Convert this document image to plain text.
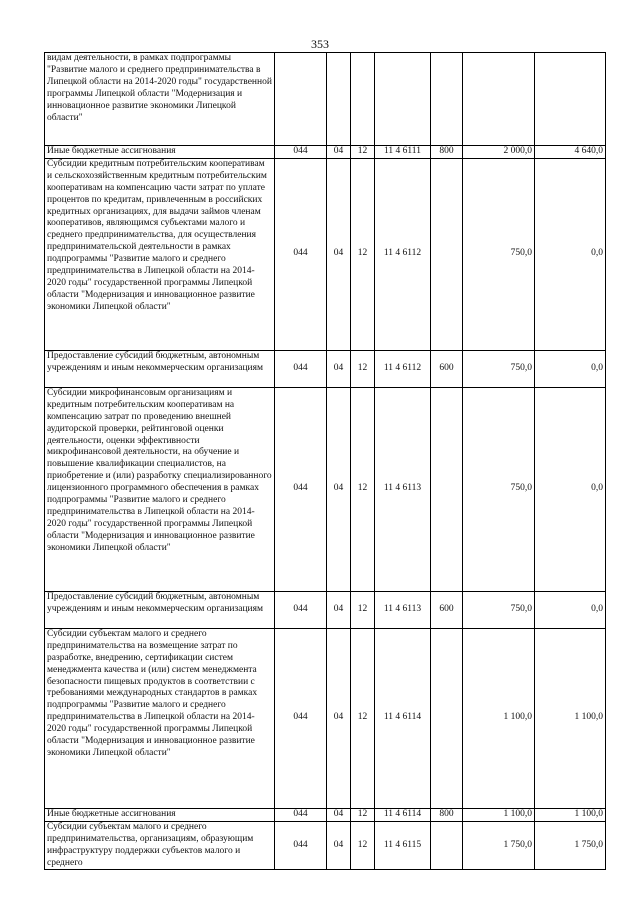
353
видам деятельности, в рамках подпрограммы "Развитие малого и среднего предпринимательства в Липецкой области на 2014-2020 годы" государственной программы Липецкой области "Модернизация и инновационное развитие экономики Липецкой области"							
Иные бюджетные ассигнования	044	04	12	11 4 6111	800	2 000,0	4 640,0
Субсидии кредитным потребительским кооперативам и сельскохозяйственным кредитным потребительским кооперативам на компенсацию части затрат по уплате процентов по кредитам, привлеченным в российских кредитных организациях, для выдачи займов членам кооперативов, являющимся субъектами малого и среднего предпринимательства, для осуществления предпринимательской деятельности в рамках подпрограммы "Развитие малого и среднего предпринимательства в Липецкой области на 2014-2020 годы" государственной программы Липецкой области "Модернизация и инновационное развитие экономики Липецкой области"	044	04	12	11 4 6112		750,0	0,0
Предоставление субсидий бюджетным, автономным учреждениям и иным некоммерческим организациям	044	04	12	11 4 6112	600	750,0	0,0
Субсидии микрофинансовым организациям и кредитным потребительским кооперативам на компенсацию затрат по проведению внешней аудиторской проверки, рейтинговой оценки деятельности, оценки эффективности микрофинансовой деятельности, на обучение и повышение квалификации специалистов, на приобретение и (или) разработку специализированного лицензионного программного обеспечения в рамках подпрограммы "Развитие малого и среднего предпринимательства в Липецкой области на 2014-2020 годы" государственной программы Липецкой области "Модернизация и инновационное развитие экономики Липецкой области"	044	04	12	11 4 6113		750,0	0,0
Предоставление субсидий бюджетным, автономным учреждениям и иным некоммерческим организациям	044	04	12	11 4 6113	600	750,0	0,0
Субсидии субъектам малого и среднего предпринимательства на возмещение затрат по разработке, внедрению, сертификации систем менеджмента качества и (или) систем менеджмента безопасности пищевых продуктов в соответствии с требованиями международных стандартов в рамках подпрограммы "Развитие малого и среднего предпринимательства в Липецкой области на 2014-2020 годы" государственной программы Липецкой области "Модернизация и инновационное развитие экономики Липецкой области"	044	04	12	11 4 6114		1 100,0	1 100,0
Иные бюджетные ассигнования	044	04	12	11 4 6114	800	1 100,0	1 100,0
Субсидии субъектам малого и среднего предпринимательства, организациям, образующим инфраструктуру поддержки субъектов малого и среднего	044	04	12	11 4 6115		1 750,0	1 750,0
